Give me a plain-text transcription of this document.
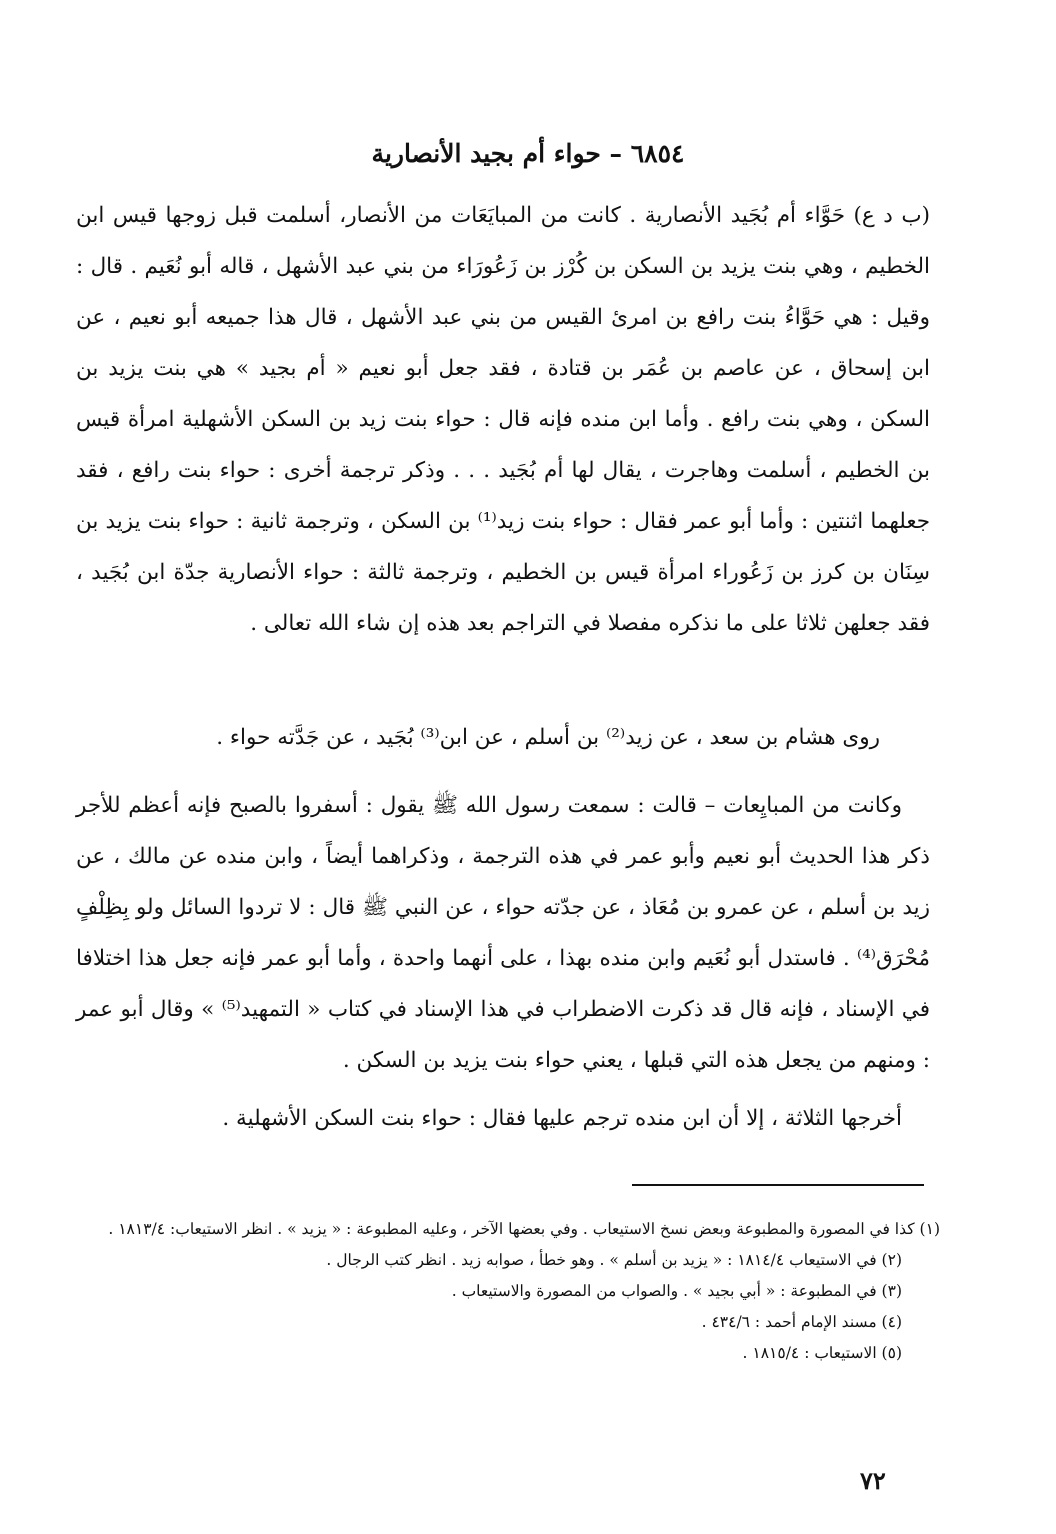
٦٨٥٤ – حواء أم بجيد الأنصارية

(ب د ع) حَوَّاء أم بُجَيد الأنصارية . كانت من المبايَعَات من الأنصار، أسلمت قبل زوجها قيس ابن الخطيم ، وهي بنت يزيد بن السكن بن كُرْز بن زَعُورَاء من بني عبد الأشهل ، قاله أبو نُعَيم . قال : وقيل : هي حَوَّاءُ بنت رافع بن امرئ القيس من بني عبد الأشهل ، قال هذا جميعه أبو نعيم ، عن ابن إسحاق ، عن عاصم بن عُمَر بن قتادة ، فقد جعل أبو نعيم « أم بجيد » هي بنت يزيد بن السكن ، وهي بنت رافع . وأما ابن منده فإنه قال : حواء بنت زيد بن السكن الأشهلية امرأة قيس بن الخطيم ، أسلمت وهاجرت ، يقال لها أم بُجَيد . . . وذكر ترجمة أخرى : حواء بنت رافع ، فقد جعلهما اثنتين : وأما أبو عمر فقال : حواء بنت زيد⁽¹⁾ بن السكن ، وترجمة ثانية : حواء بنت يزيد بن سِنَان بن كرز بن زَعُوراء امرأة قيس بن الخطيم ، وترجمة ثالثة : حواء الأنصارية جدّة ابن بُجَيد ، فقد جعلهن ثلاثا على ما نذكره مفصلا في التراجم بعد هذه إن شاء الله تعالى .

روى هشام بن سعد ، عن زيد⁽²⁾ بن أسلم ، عن ابن⁽³⁾ بُجَيد ، عن جَدَّته حواء .

وكانت من المبايِعات – قالت : سمعت رسول الله ﷺ يقول : أسفروا بالصبح فإنه أعظم للأجر ذكر هذا الحديث أبو نعيم وأبو عمر في هذه الترجمة ، وذكراهما أيضاً ، وابن منده عن مالك ، عن زيد بن أسلم ، عن عمرو بن مُعَاذ ، عن جدّته حواء ، عن النبي ﷺ قال : لا تردوا السائل ولو بِظِلْفٍ مُحْرَق⁽⁴⁾ . فاستدل أبو نُعَيم وابن منده بهذا ، على أنهما واحدة ، وأما أبو عمر فإنه جعل هذا اختلافا في الإسناد ، فإنه قال قد ذكرت الاضطراب في هذا الإسناد في كتاب « التمهيد⁽⁵⁾ » وقال أبو عمر : ومنهم من يجعل هذه التي قبلها ، يعني حواء بنت يزيد بن السكن .

أخرجها الثلاثة ، إلا أن ابن منده ترجم عليها فقال : حواء بنت السكن الأشهلية .

(١) كذا في المصورة والمطبوعة وبعض نسخ الاستيعاب . وفي بعضها الآخر ، وعليه المطبوعة : « يزيد » . انظر الاستيعاب: ١٨١٣/٤ .

(٢) في الاستيعاب ١٨١٤/٤ : « يزيد بن أسلم » . وهو خطأ ، صوابه زيد . انظر كتب الرجال .

(٣) في المطبوعة : « أبي بجيد » . والصواب من المصورة والاستيعاب .

(٤) مسند الإمام أحمد : ٤٣٤/٦ .

(٥) الاستيعاب : ١٨١٥/٤ .

٧٢
